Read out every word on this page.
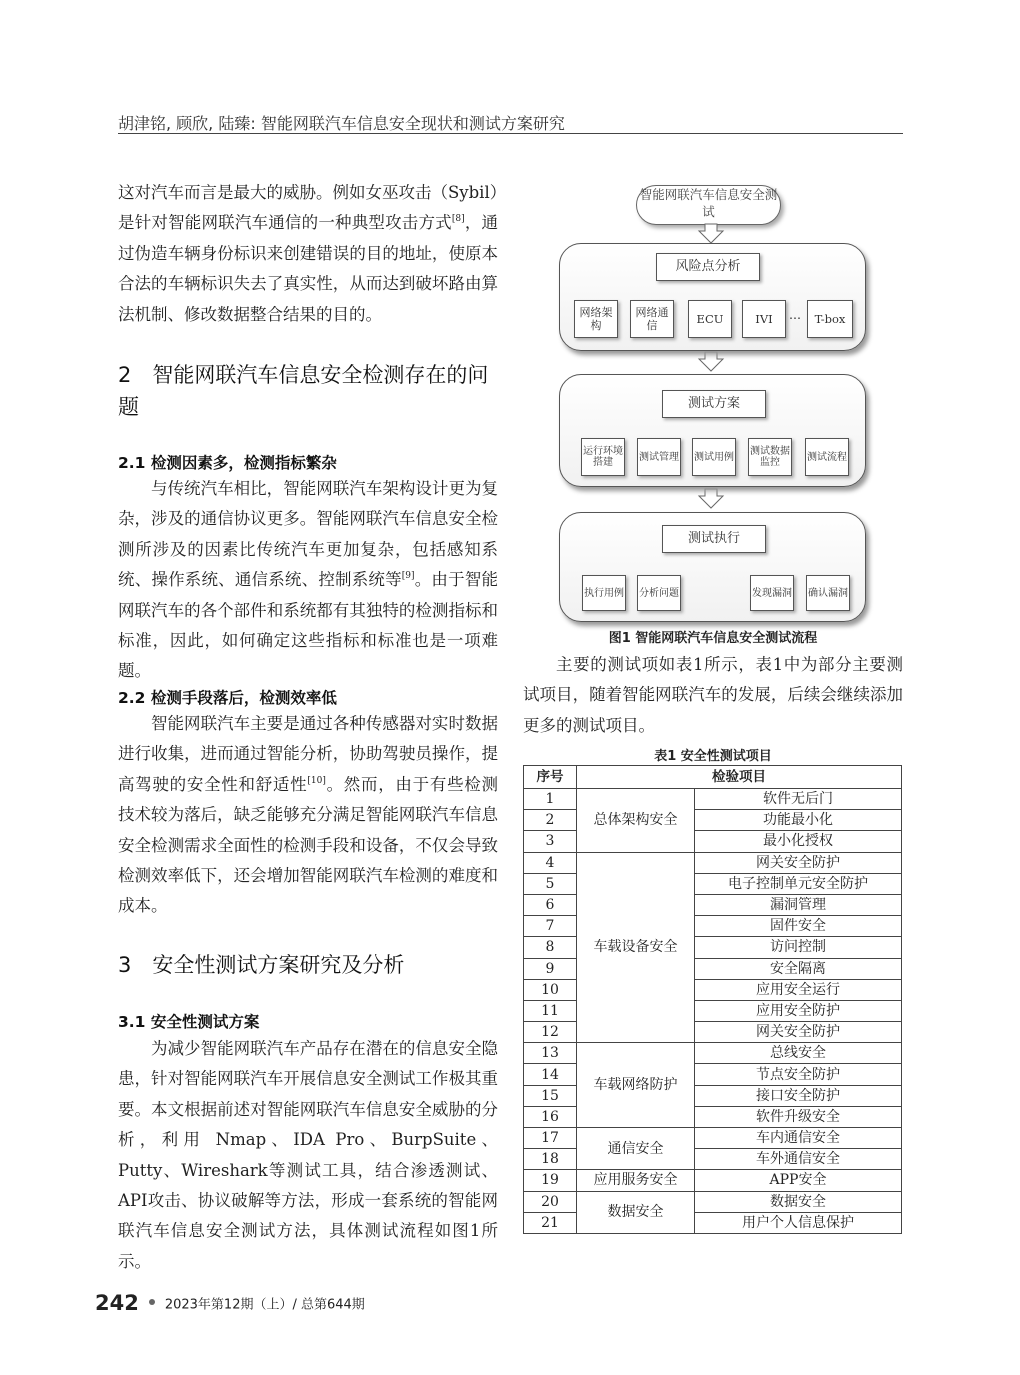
胡津铭, 顾欣, 陆臻: 智能网联汽车信息安全现状和测试方案研究

这对汽车而言是最大的威胁。例如女巫攻击（Sybil）是针对智能网联汽车通信的一种典型攻击方式[8]，通过伪造车辆身份标识来创建错误的目的地址，使原本合法的车辆标识失去了真实性，从而达到破坏路由算法机制、修改数据整合结果的目的。

2　智能网联汽车信息安全检测存在的问题
2.1 检测因素多，检测指标繁杂

与传统汽车相比，智能网联汽车架构设计更为复杂，涉及的通信协议更多。智能网联汽车信息安全检测所涉及的因素比传统汽车更加复杂，包括感知系统、操作系统、通信系统、控制系统等[9]。由于智能网联汽车的各个部件和系统都有其独特的检测指标和标准，因此，如何确定这些指标和标准也是一项难题。

2.2 检测手段落后，检测效率低

智能网联汽车主要是通过各种传感器对实时数据进行收集，进而通过智能分析，协助驾驶员操作，提高驾驶的安全性和舒适性[10]。然而，由于有些检测技术较为落后，缺乏能够充分满足智能网联汽车信息安全检测需求全面性的检测手段和设备，不仅会导致检测效率低下，还会增加智能网联汽车检测的难度和成本。

3　安全性测试方案研究及分析
3.1 安全性测试方案

为减少智能网联汽车产品存在潜在的信息安全隐患，针对智能网联汽车开展信息安全测试工作极其重要。本文根据前述对智能网联汽车信息安全威胁的分析，利用 Nmap、IDA Pro、BurpSuite、Putty、Wireshark等测试工具，结合渗透测试、API攻击、协议破解等方法，形成一套系统的智能网联汽车信息安全测试方法，具体测试流程如图1所示。

智能网联汽车信息安全测试
风险点分析
网络架构
网络通信	ECU	IVI	…	T-box
测试方案
运行环境搭建	测试管理 测试用例 测试数据监控	测试流程
测试执行
执行用例 分析问题	发现漏洞 确认漏洞
图1 智能网联汽车信息安全测试流程

主要的测试项如表1所示，表1中为部分主要测试项目，随着智能网联汽车的发展，后续会继续添加更多的测试项目。

表1 安全性测试项目
序号	检验项目	
1	总体架构安全	软件无后门
2		功能最小化
3		最小化授权
4	车载设备安全	网关安全防护
5		电子控制单元安全防护
6		漏洞管理
7		固件安全
8		访问控制
9		安全隔离
10		应用安全运行
11		应用安全防护
12		网关安全防护
13	车载网络防护	总线安全
14		节点安全防护
15		接口安全防护
16		软件升级安全
17	通信安全	车内通信安全
18		车外通信安全
19	应用服务安全	APP安全
20	数据安全	数据安全
21		用户个人信息保护
242 2023年第12期（上）/ 总第644期
